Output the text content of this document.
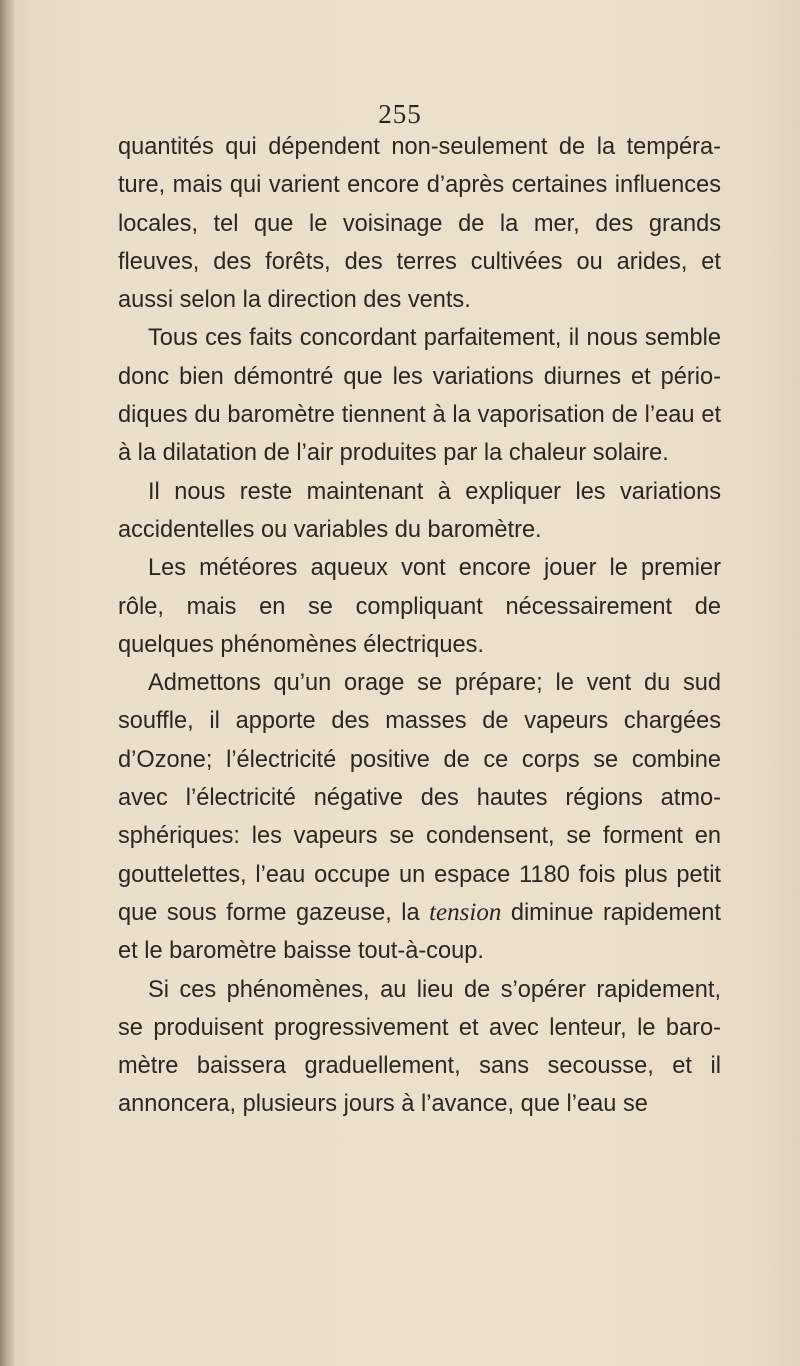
255

quantités qui dépendent non-seulement de la température, mais qui varient encore d’après certaines influences locales, tel que le voisinage de la mer, des grands fleuves, des forêts, des terres cultivées ou arides, et aussi selon la direction des vents.

Tous ces faits concordant parfaitement, il nous semble donc bien démontré que les variations diurnes et périodiques du baromètre tiennent à la vaporisation de l’eau et à la dilatation de l’air produites par la chaleur solaire.

Il nous reste maintenant à expliquer les variations accidentelles ou variables du baromètre.

Les météores aqueux vont encore jouer le premier rôle, mais en se compliquant nécessairement de quelques phénomènes électriques.

Admettons qu’un orage se prépare; le vent du sud souffle, il apporte des masses de vapeurs chargées d’Ozone; l’électricité positive de ce corps se combine avec l’électricité négative des hautes régions atmosphériques: les vapeurs se condensent, se forment en gouttelettes, l’eau occupe un espace 1180 fois plus petit que sous forme gazeuse, la tension diminue rapidement et le baromètre baisse tout-à-coup.

Si ces phénomènes, au lieu de s’opérer rapidement, se produisent progressivement et avec lenteur, le baromètre baissera graduellement, sans secousse, et il annoncera, plusieurs jours à l’avance, que l’eau se
